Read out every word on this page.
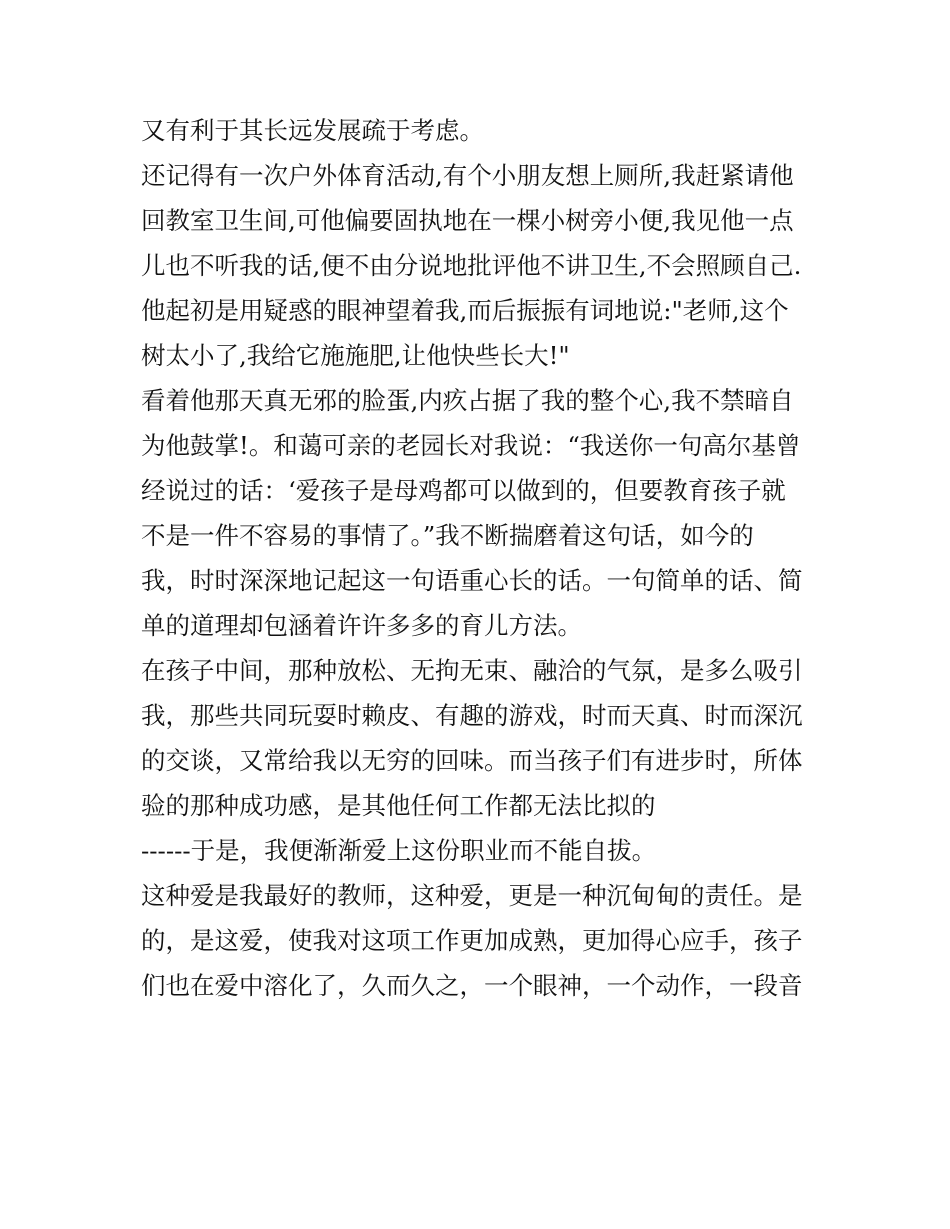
又有利于其长远发展疏于考虑。
还记得有一次户外体育活动,有个小朋友想上厕所,我赶紧请他
回教室卫生间,可他偏要固执地在一棵小树旁小便,我见他一点
儿也不听我的话,便不由分说地批评他不讲卫生,不会照顾自己.
他起初是用疑惑的眼神望着我,而后振振有词地说:"老师,这个
树太小了,我给它施施肥,让他快些长大!"
看着他那天真无邪的脸蛋,内疚占据了我的整个心,我不禁暗自
为他鼓掌!。和蔼可亲的老园长对我说：“我送你一句高尔基曾
经说过的话：‘爱孩子是母鸡都可以做到的，但要教育孩子就
不是一件不容易的事情了。”我不断揣磨着这句话，如今的
我，时时深深地记起这一句语重心长的话。一句简单的话、简
单的道理却包涵着许许多多的育儿方法。
在孩子中间，那种放松、无拘无束、融洽的气氛，是多么吸引
我，那些共同玩耍时赖皮、有趣的游戏，时而天真、时而深沉
的交谈，又常给我以无穷的回味。而当孩子们有进步时，所体
验的那种成功感，是其他任何工作都无法比拟的
------于是，我便渐渐爱上这份职业而不能自拔。
这种爱是我最好的教师，这种爱，更是一种沉甸甸的责任。是
的，是这爱，使我对这项工作更加成熟，更加得心应手，孩子
们也在爱中溶化了，久而久之，一个眼神，一个动作，一段音
